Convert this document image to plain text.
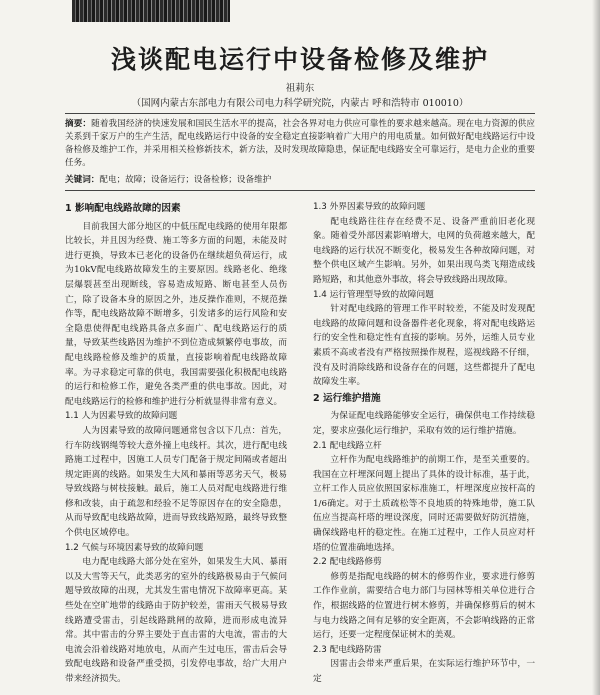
浅谈配电运行中设备检修及维护
祖莉东
（国网内蒙古东部电力有限公司电力科学研究院，内蒙古 呼和浩特市 010010）

摘要：随着我国经济的快速发展和国民生活水平的提高，社会各界对电力供应可靠性的要求越来越高。现在电力资源的供应关系到千家万户的生产生活，配电线路运行中设备的安全稳定直接影响着广大用户的用电质量。如何做好配电线路运行中设备检修及维护工作，并采用相关检修新技术，新方法，及时发现故障隐患，保证配电线路安全可靠运行，是电力企业的重要任务。

关键词：配电；故障；设备运行；设备检修；设备维护

1 影响配电线路故障的因素

目前我国大部分地区的中低压配电线路的使用年限都比较长，并且因为经费、施工等多方面的问题，未能及时进行更换，导致本已老化的设备仍在继续超负荷运行，成为10kV配电线路故障发生的主要原因。线路老化、绝缘层爆裂甚至出现断线，容易造成短路、断电甚至人员伤亡，除了设备本身的原因之外，违反操作准则，不规范操作等，配电线路故障不断增多，引发诸多的运行风险和安全隐患使得配电线路具备点多面广、配电线路运行的质量，导致某些线路因为维护不到位造成频繁停电事故，而配电线路检修及维护的质量，直接影响着配电线路故障率。为寻求稳定可靠的供电，我国需要强化积极配电线路的运行和检修工作，避免各类严重的供电事故。因此，对配电线路运行的检修和维护进行分析就显得非常有意义。

1.1 人为因素导致的故障问题

人为因素导致的故障问题通常包含以下几点：首先，行车防线钢绳等较大意外撞上电线杆。其次，进行配电线路施工过程中，因施工人员专门配备于规定间隔或者超出规定距离的线路。如果发生大风和暴雨等恶劣天气，极易导致线路与树枝接触。最后，施工人员对配电线路进行维修和改装，由于疏忽和经验不足等原因存在的安全隐患，从而导致配电线路故障，进而导致线路短路，最终导致整个供电区域停电。

1.2 气候与环境因素导致的故障问题

电力配电线路大部分处在室外，如果发生大风、暴雨以及大雪等天气，此类恶劣的室外的线路极易由于气候问题导致故障的出现，尤其发生雷电情况下故障率更高。某些处在空旷地带的线路由于防护较差，雷雨天气极易导致线路遭受雷击，引起线路跳闸的故障，进而形成电流异常。其中雷击的分界主要处于直击雷的大电流，雷击的大电流会沿着线路对地放电，从而产生过电压，雷击后会导致配电线路和设备严重受损，引发停电事故，给广大用户带来经济损失。

1.3 外界因素导致的故障问题

配电线路往往存在经费不足、设备严重前旧老化现象。随着受外部因素影响增大，电网的负荷越来越大，配电线路的运行状况不断变化，极易发生各种故障问题，对整个供电区域产生影响。另外，如果出现鸟类飞翔造成线路短路，和其他意外事故，将会导致线路出现故障。

1.4 运行管理型导致的故障问题

针对配电线路的管理工作平时较差，不能及时发现配电线路的故障问题和设备器件老化现象，将对配电线路运行的安全性和稳定性有直接的影响。另外，运维人员专业素质不高或者没有严格按照操作规程，巡视线路不仔细，没有及时消除线路和设备存在的问题，这些都提升了配电故障发生率。

2 运行维护措施

为保证配电线路能够安全运行，确保供电工作持续稳定，要求应强化运行维护，采取有效的运行维护措施。

2.1 配电线路立杆

立杆作为配电线路维护的前期工作，是至关重要的。我国在立杆埋深问题上提出了具体的设计标准，基于此，立杆工作人员应依照国家标准施工，杆埋深度应按杆高的1/6确定。对于土质疏松等不良地质的特殊地带，施工队伍应当提高杆塔的埋设深度，同时还需要做好防沉措施，确保线路电杆的稳定性。在施工过程中，工作人员应对杆塔的位置准确地选择。

2.2 配电线路修剪

修剪是指配电线路的树木的修剪作业，要求进行修剪工作作业前，需要结合电力部门与园林等相关单位进行合作，根据线路的位置进行树木修剪，并确保修剪后的树木与电力线路之间有足够的安全距离，不会影响线路的正常运行，还要一定程度保证树木的美观。

2.3 配电线路防雷

因雷击会带来严重后果，在实际运行维护环节中，一定
